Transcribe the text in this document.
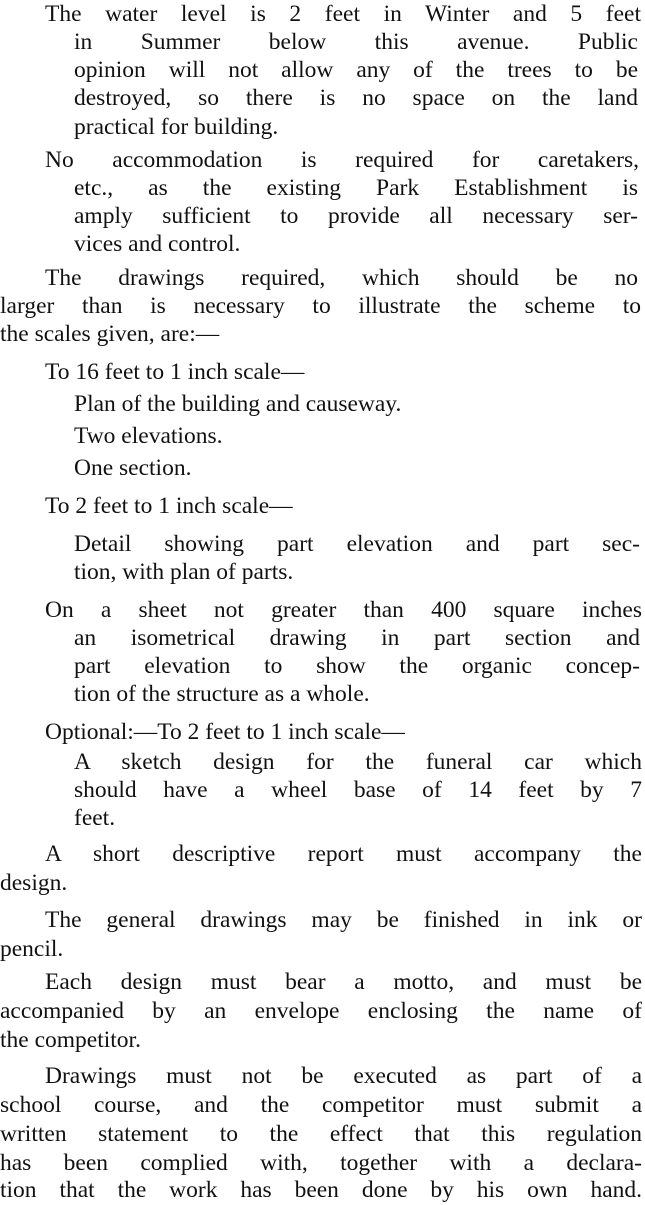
The water level is 2 feet in Winter and 5 feet
in Summer below this avenue. Public
opinion will not allow any of the trees to be
destroyed, so there is no space on the land
practical for building.
No accommodation is required for caretakers,
etc., as the existing Park Establishment is
amply sufficient to provide all necessary ser-
vices and control.
The drawings required, which should be no
larger than is necessary to illustrate the scheme to
the scales given, are:—
To 16 feet to 1 inch scale—
Plan of the building and causeway.
Two elevations.
One section.
To 2 feet to 1 inch scale—
Detail showing part elevation and part sec-
tion, with plan of parts.
On a sheet not greater than 400 square inches
an isometrical drawing in part section and
part elevation to show the organic concep-
tion of the structure as a whole.
Optional:—To 2 feet to 1 inch scale—
A sketch design for the funeral car which
should have a wheel base of 14 feet by 7
feet.
A short descriptive report must accompany the
design.
The general drawings may be finished in ink or
pencil.
Each design must bear a motto, and must be
accompanied by an envelope enclosing the name of
the competitor.
Drawings must not be executed as part of a
school course, and the competitor must submit a
written statement to the effect that this regulation
has been complied with, together with a declara-
tion that the work has been done by his own hand.
